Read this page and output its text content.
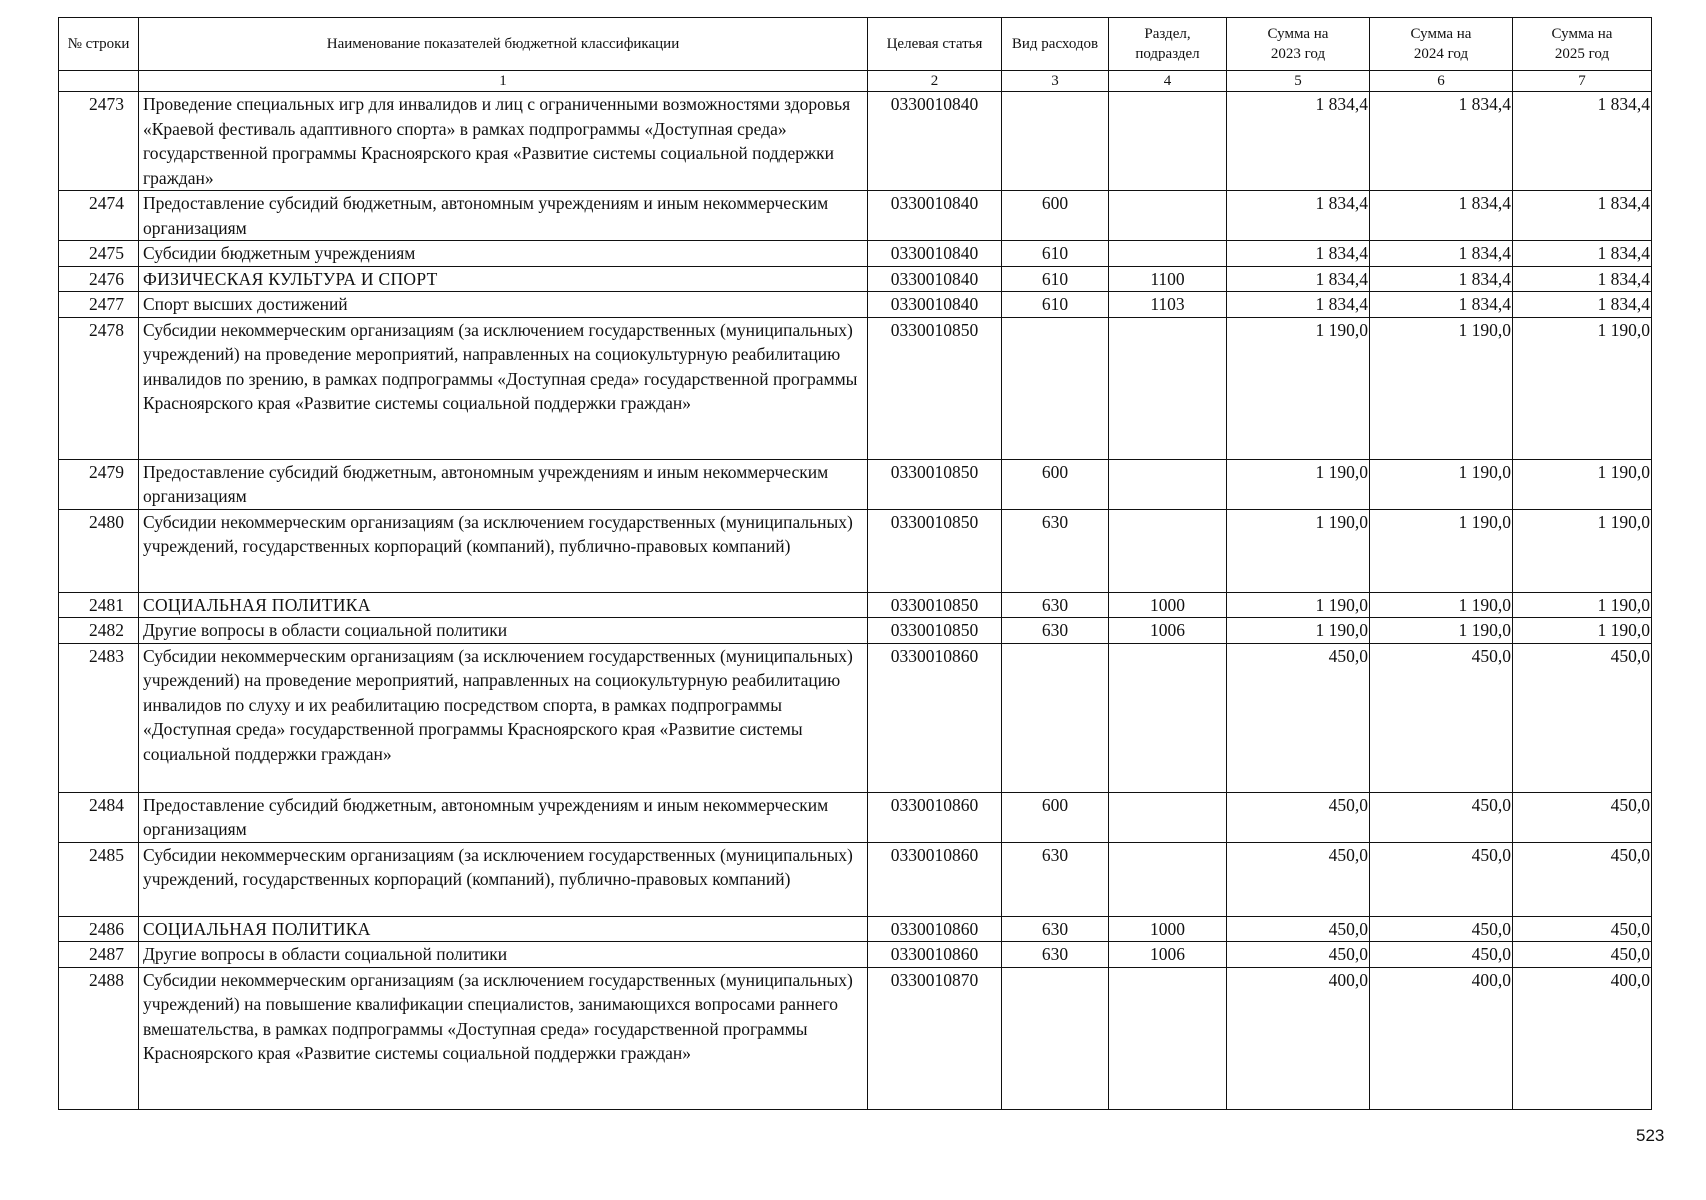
№ строки	Наименование показателей бюджетной классификации	Целевая статья	Вид расходов	Раздел, подраздел	Сумма на 2023 год	Сумма на 2024 год	Сумма на 2025 год
	1	2	3	4	5	6	7
2473	Проведение специальных игр для инвалидов и лиц с ограниченными возможностями здоровья «Краевой фестиваль адаптивного спорта» в рамках подпрограммы «Доступная среда» государственной программы Красноярского края «Развитие системы социальной поддержки граждан»	0330010840			1 834,4	1 834,4	1 834,4
2474	Предоставление субсидий бюджетным, автономным учреждениям и иным некоммерческим организациям	0330010840	600		1 834,4	1 834,4	1 834,4
2475	Субсидии бюджетным учреждениям	0330010840	610		1 834,4	1 834,4	1 834,4
2476	ФИЗИЧЕСКАЯ КУЛЬТУРА И СПОРТ	0330010840	610	1100	1 834,4	1 834,4	1 834,4
2477	Спорт высших достижений	0330010840	610	1103	1 834,4	1 834,4	1 834,4
2478	Субсидии некоммерческим организациям (за исключением государственных (муниципальных) учреждений) на проведение мероприятий, направленных на социокультурную реабилитацию инвалидов по зрению, в рамках подпрограммы «Доступная среда» государственной программы Красноярского края «Развитие системы социальной поддержки граждан»	0330010850			1 190,0	1 190,0	1 190,0
2479	Предоставление субсидий бюджетным, автономным учреждениям и иным некоммерческим организациям	0330010850	600		1 190,0	1 190,0	1 190,0
2480	Субсидии некоммерческим организациям (за исключением государственных (муниципальных) учреждений, государственных корпораций (компаний), публично-правовых компаний)	0330010850	630		1 190,0	1 190,0	1 190,0
2481	СОЦИАЛЬНАЯ ПОЛИТИКА	0330010850	630	1000	1 190,0	1 190,0	1 190,0
2482	Другие вопросы в области социальной политики	0330010850	630	1006	1 190,0	1 190,0	1 190,0
2483	Субсидии некоммерческим организациям (за исключением государственных (муниципальных) учреждений) на проведение мероприятий, направленных на социокультурную реабилитацию инвалидов по слуху и их реабилитацию посредством спорта, в рамках подпрограммы «Доступная среда» государственной программы Красноярского края «Развитие системы социальной поддержки граждан»	0330010860			450,0	450,0	450,0
2484	Предоставление субсидий бюджетным, автономным учреждениям и иным некоммерческим организациям	0330010860	600		450,0	450,0	450,0
2485	Субсидии некоммерческим организациям (за исключением государственных (муниципальных) учреждений, государственных корпораций (компаний), публично-правовых компаний)	0330010860	630		450,0	450,0	450,0
2486	СОЦИАЛЬНАЯ ПОЛИТИКА	0330010860	630	1000	450,0	450,0	450,0
2487	Другие вопросы в области социальной политики	0330010860	630	1006	450,0	450,0	450,0
2488	Субсидии некоммерческим организациям (за исключением государственных (муниципальных) учреждений) на повышение квалификации специалистов, занимающихся вопросами раннего вмешательства, в рамках подпрограммы «Доступная среда» государственной программы Красноярского края «Развитие системы социальной поддержки граждан»	0330010870			400,0	400,0	400,0
523
